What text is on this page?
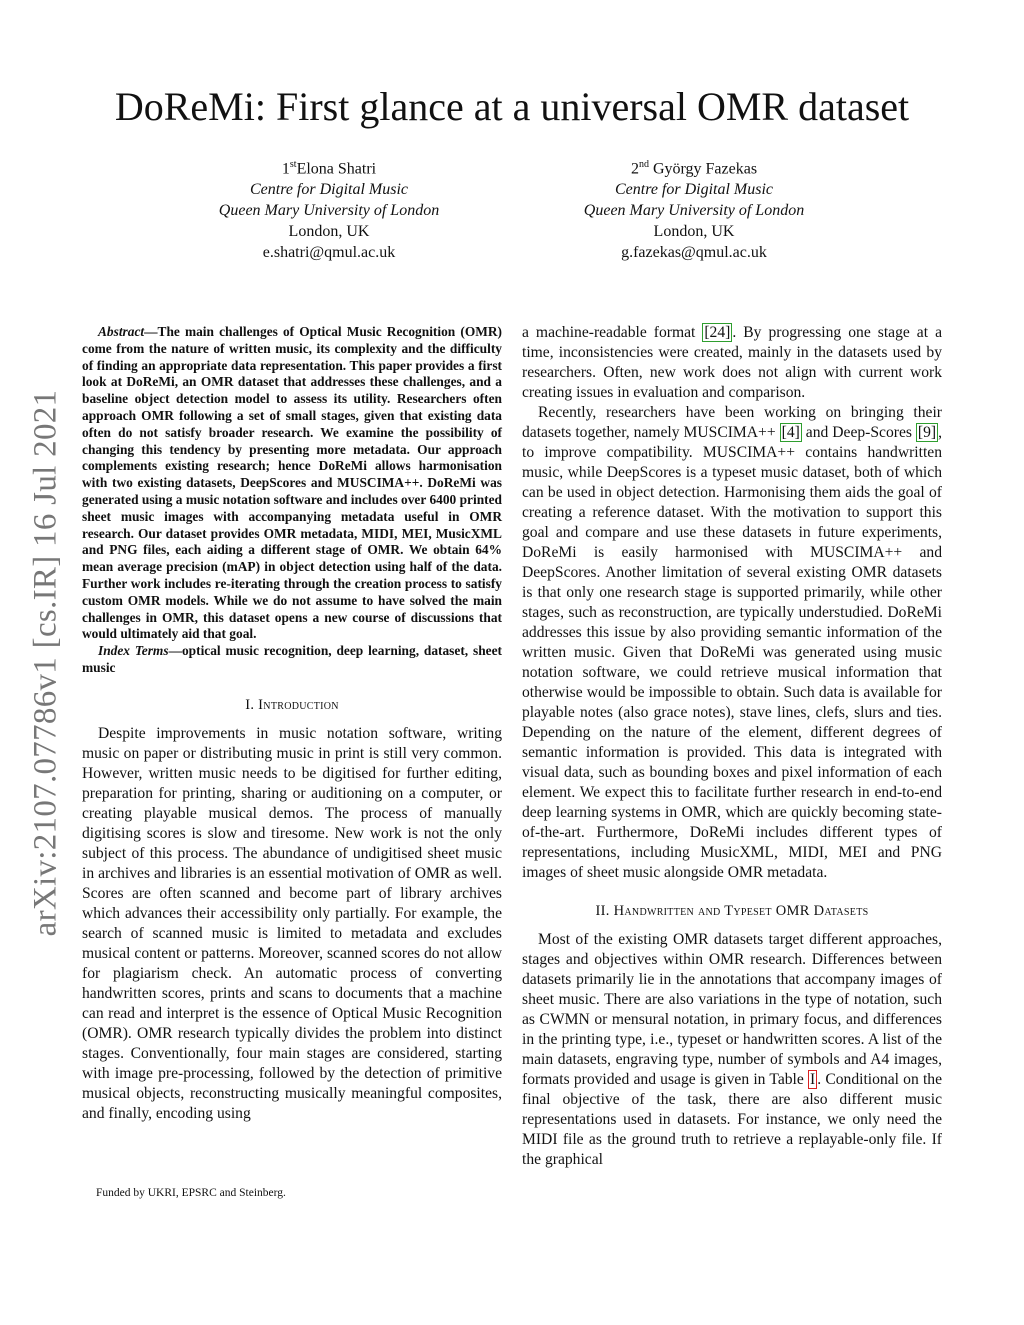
arXiv:2107.07786v1 [cs.IR] 16 Jul 2021
DoReMi: First glance at a universal OMR dataset
1stElona Shatri
Centre for Digital Music
Queen Mary University of London
London, UK
e.shatri@qmul.ac.uk
2nd György Fazekas
Centre for Digital Music
Queen Mary University of London
London, UK
g.fazekas@qmul.ac.uk

Abstract—The main challenges of Optical Music Recognition (OMR) come from the nature of written music, its complexity and the difficulty of finding an appropriate data representation. This paper provides a first look at DoReMi, an OMR dataset that addresses these challenges, and a baseline object detection model to assess its utility. Researchers often approach OMR following a set of small stages, given that existing data often do not satisfy broader research. We examine the possibility of changing this tendency by presenting more metadata. Our approach complements existing research; hence DoReMi allows harmonisation with two existing datasets, DeepScores and MUSCIMA++. DoReMi was generated using a music notation software and includes over 6400 printed sheet music images with accompanying metadata useful in OMR research. Our dataset provides OMR metadata, MIDI, MEI, MusicXML and PNG files, each aiding a different stage of OMR. We obtain 64% mean average precision (mAP) in object detection using half of the data. Further work includes re-iterating through the creation process to satisfy custom OMR models. While we do not assume to have solved the main challenges in OMR, this dataset opens a new course of discussions that would ultimately aid that goal.

Index Terms—optical music recognition, deep learning, dataset, sheet music

I. Introduction

Despite improvements in music notation software, writing music on paper or distributing music in print is still very common. However, written music needs to be digitised for further editing, preparation for printing, sharing or auditioning on a computer, or creating playable musical demos. The process of manually digitising scores is slow and tiresome. New work is not the only subject of this process. The abundance of undigitised sheet music in archives and libraries is an essential motivation of OMR as well. Scores are often scanned and become part of library archives which advances their accessibility only partially. For example, the search of scanned music is limited to metadata and excludes musical content or patterns. Moreover, scanned scores do not allow for plagiarism check. An automatic process of converting handwritten scores, prints and scans to documents that a machine can read and interpret is the essence of Optical Music Recognition (OMR). OMR research typically divides the problem into distinct stages. Conventionally, four main stages are considered, starting with image pre-processing, followed by the detection of primitive musical objects, reconstructing musically meaningful composites, and finally, encoding using

a machine-readable format [24] . By progressing one stage at a time, inconsistencies were created, mainly in the datasets used by researchers. Often, new work does not align with current work creating issues in evaluation and comparison.

Recently, researchers have been working on bringing their datasets together, namely MUSCIMA++ [4] and Deep-Scores [9] , to improve compatibility. MUSCIMA++ contains handwritten music, while DeepScores is a typeset music dataset, both of which can be used in object detection. Harmonising them aids the goal of creating a reference dataset. With the motivation to support this goal and compare and use these datasets in future experiments, DoReMi is easily harmonised with MUSCIMA++ and DeepScores. Another limitation of several existing OMR datasets is that only one research stage is supported primarily, while other stages, such as reconstruction, are typically understudied. DoReMi addresses this issue by also providing semantic information of the written music. Given that DoReMi was generated using music notation software, we could retrieve musical information that otherwise would be impossible to obtain. Such data is available for playable notes (also grace notes), stave lines, clefs, slurs and ties. Depending on the nature of the element, different degrees of semantic information is provided. This data is integrated with visual data, such as bounding boxes and pixel information of each element. We expect this to facilitate further research in end-to-end deep learning systems in OMR, which are quickly becoming state-of-the-art. Furthermore, DoReMi includes different types of representations, including MusicXML, MIDI, MEI and PNG images of sheet music alongside OMR metadata.

II. Handwritten and Typeset OMR Datasets

Most of the existing OMR datasets target different approaches, stages and objectives within OMR research. Differences between datasets primarily lie in the annotations that accompany images of sheet music. There are also variations in the type of notation, such as CWMN or mensural notation, in primary focus, and differences in the printing type, i.e., typeset or handwritten scores. A list of the main datasets, engraving type, number of symbols and A4 images, formats provided and usage is given in Table I . Conditional on the final objective of the task, there are also different music representations used in datasets. For instance, we only need the MIDI file as the ground truth to retrieve a replayable-only file. If the graphical

Funded by UKRI, EPSRC and Steinberg.
